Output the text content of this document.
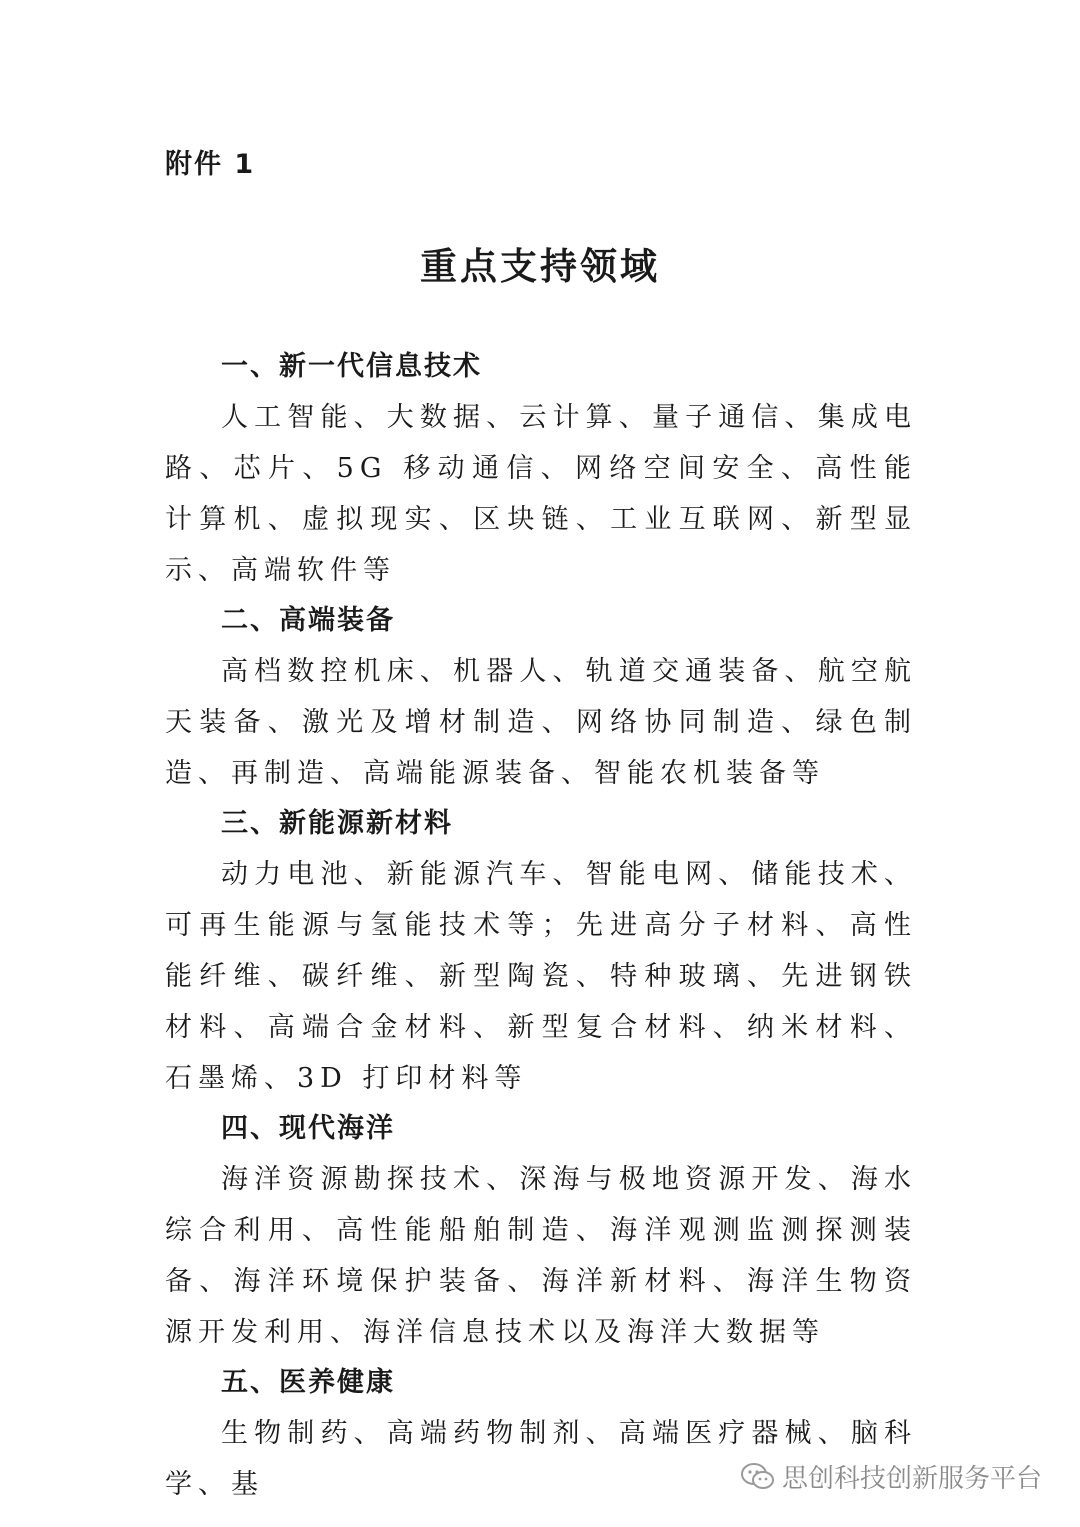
附件 1
重点支持领域

一、新一代信息技术

人工智能、大数据、云计算、量子通信、集成电路、芯片、5G 移动通信、网络空间安全、高性能计算机、虚拟现实、区块链、工业互联网、新型显示、高端软件等

二、高端装备

高档数控机床、机器人、轨道交通装备、航空航天装备、激光及增材制造、网络协同制造、绿色制造、再制造、高端能源装备、智能农机装备等

三、新能源新材料

动力电池、新能源汽车、智能电网、储能技术、可再生能源与氢能技术等；先进高分子材料、高性能纤维、碳纤维、新型陶瓷、特种玻璃、先进钢铁材料、高端合金材料、新型复合材料、纳米材料、石墨烯、3D 打印材料等

四、现代海洋

海洋资源勘探技术、深海与极地资源开发、海水综合利用、高性能船舶制造、海洋观测监测探测装备、海洋环境保护装备、海洋新材料、海洋生物资源开发利用、海洋信息技术以及海洋大数据等

五、医养健康

生物制药、高端药物制剂、高端医疗器械、脑科学、基	思创科技创新服务平台
